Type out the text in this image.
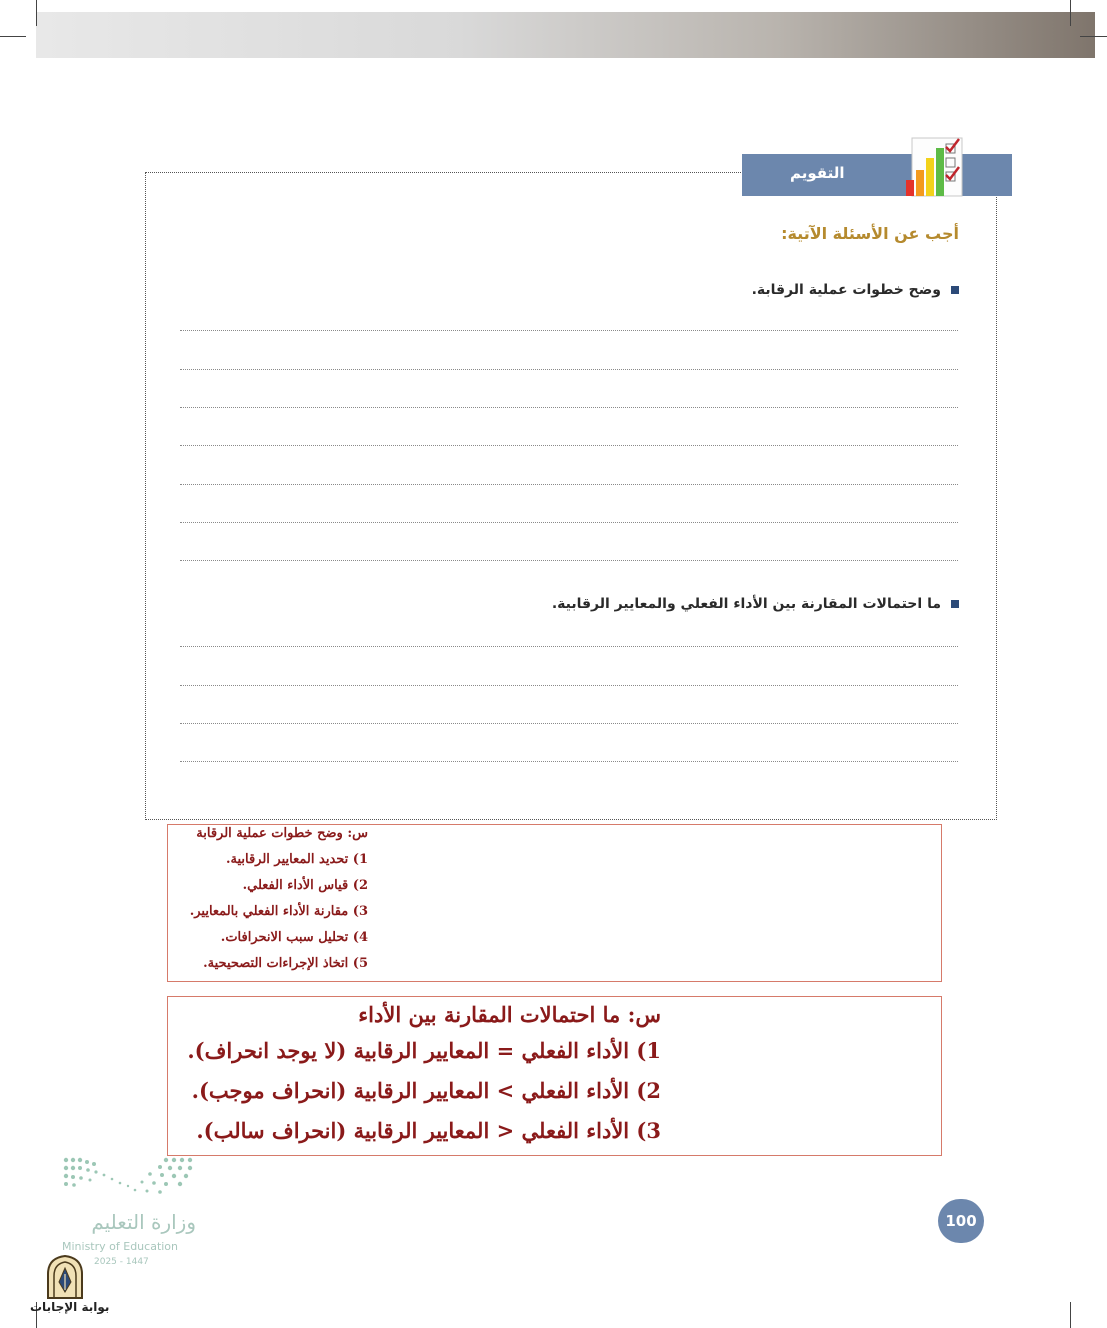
التقويم
أجب عن الأسئلة الآتية:
وضح خطوات عملية الرقابة.
ما احتمالات المقارنة بين الأداء الفعلي والمعايير الرقابية.
س: وضح خطوات عملية الرقابة
1) تحديد المعايير الرقابية.
2) قياس الأداء الفعلي.
3) مقارنة الأداء الفعلي بالمعايير.
4) تحليل سبب الانحرافات.
5) اتخاذ الإجراءات التصحيحية.
س: ما احتمالات المقارنة بين الأداء
1) الأداء الفعلي = المعايير الرقابية (لا يوجد انحراف).
2) الأداء الفعلي > المعايير الرقابية (انحراف موجب).
3) الأداء الفعلي < المعايير الرقابية (انحراف سالب).
وزارة التعليم
Ministry of Education
2025 - 1447
بوابة الإجابات
100
